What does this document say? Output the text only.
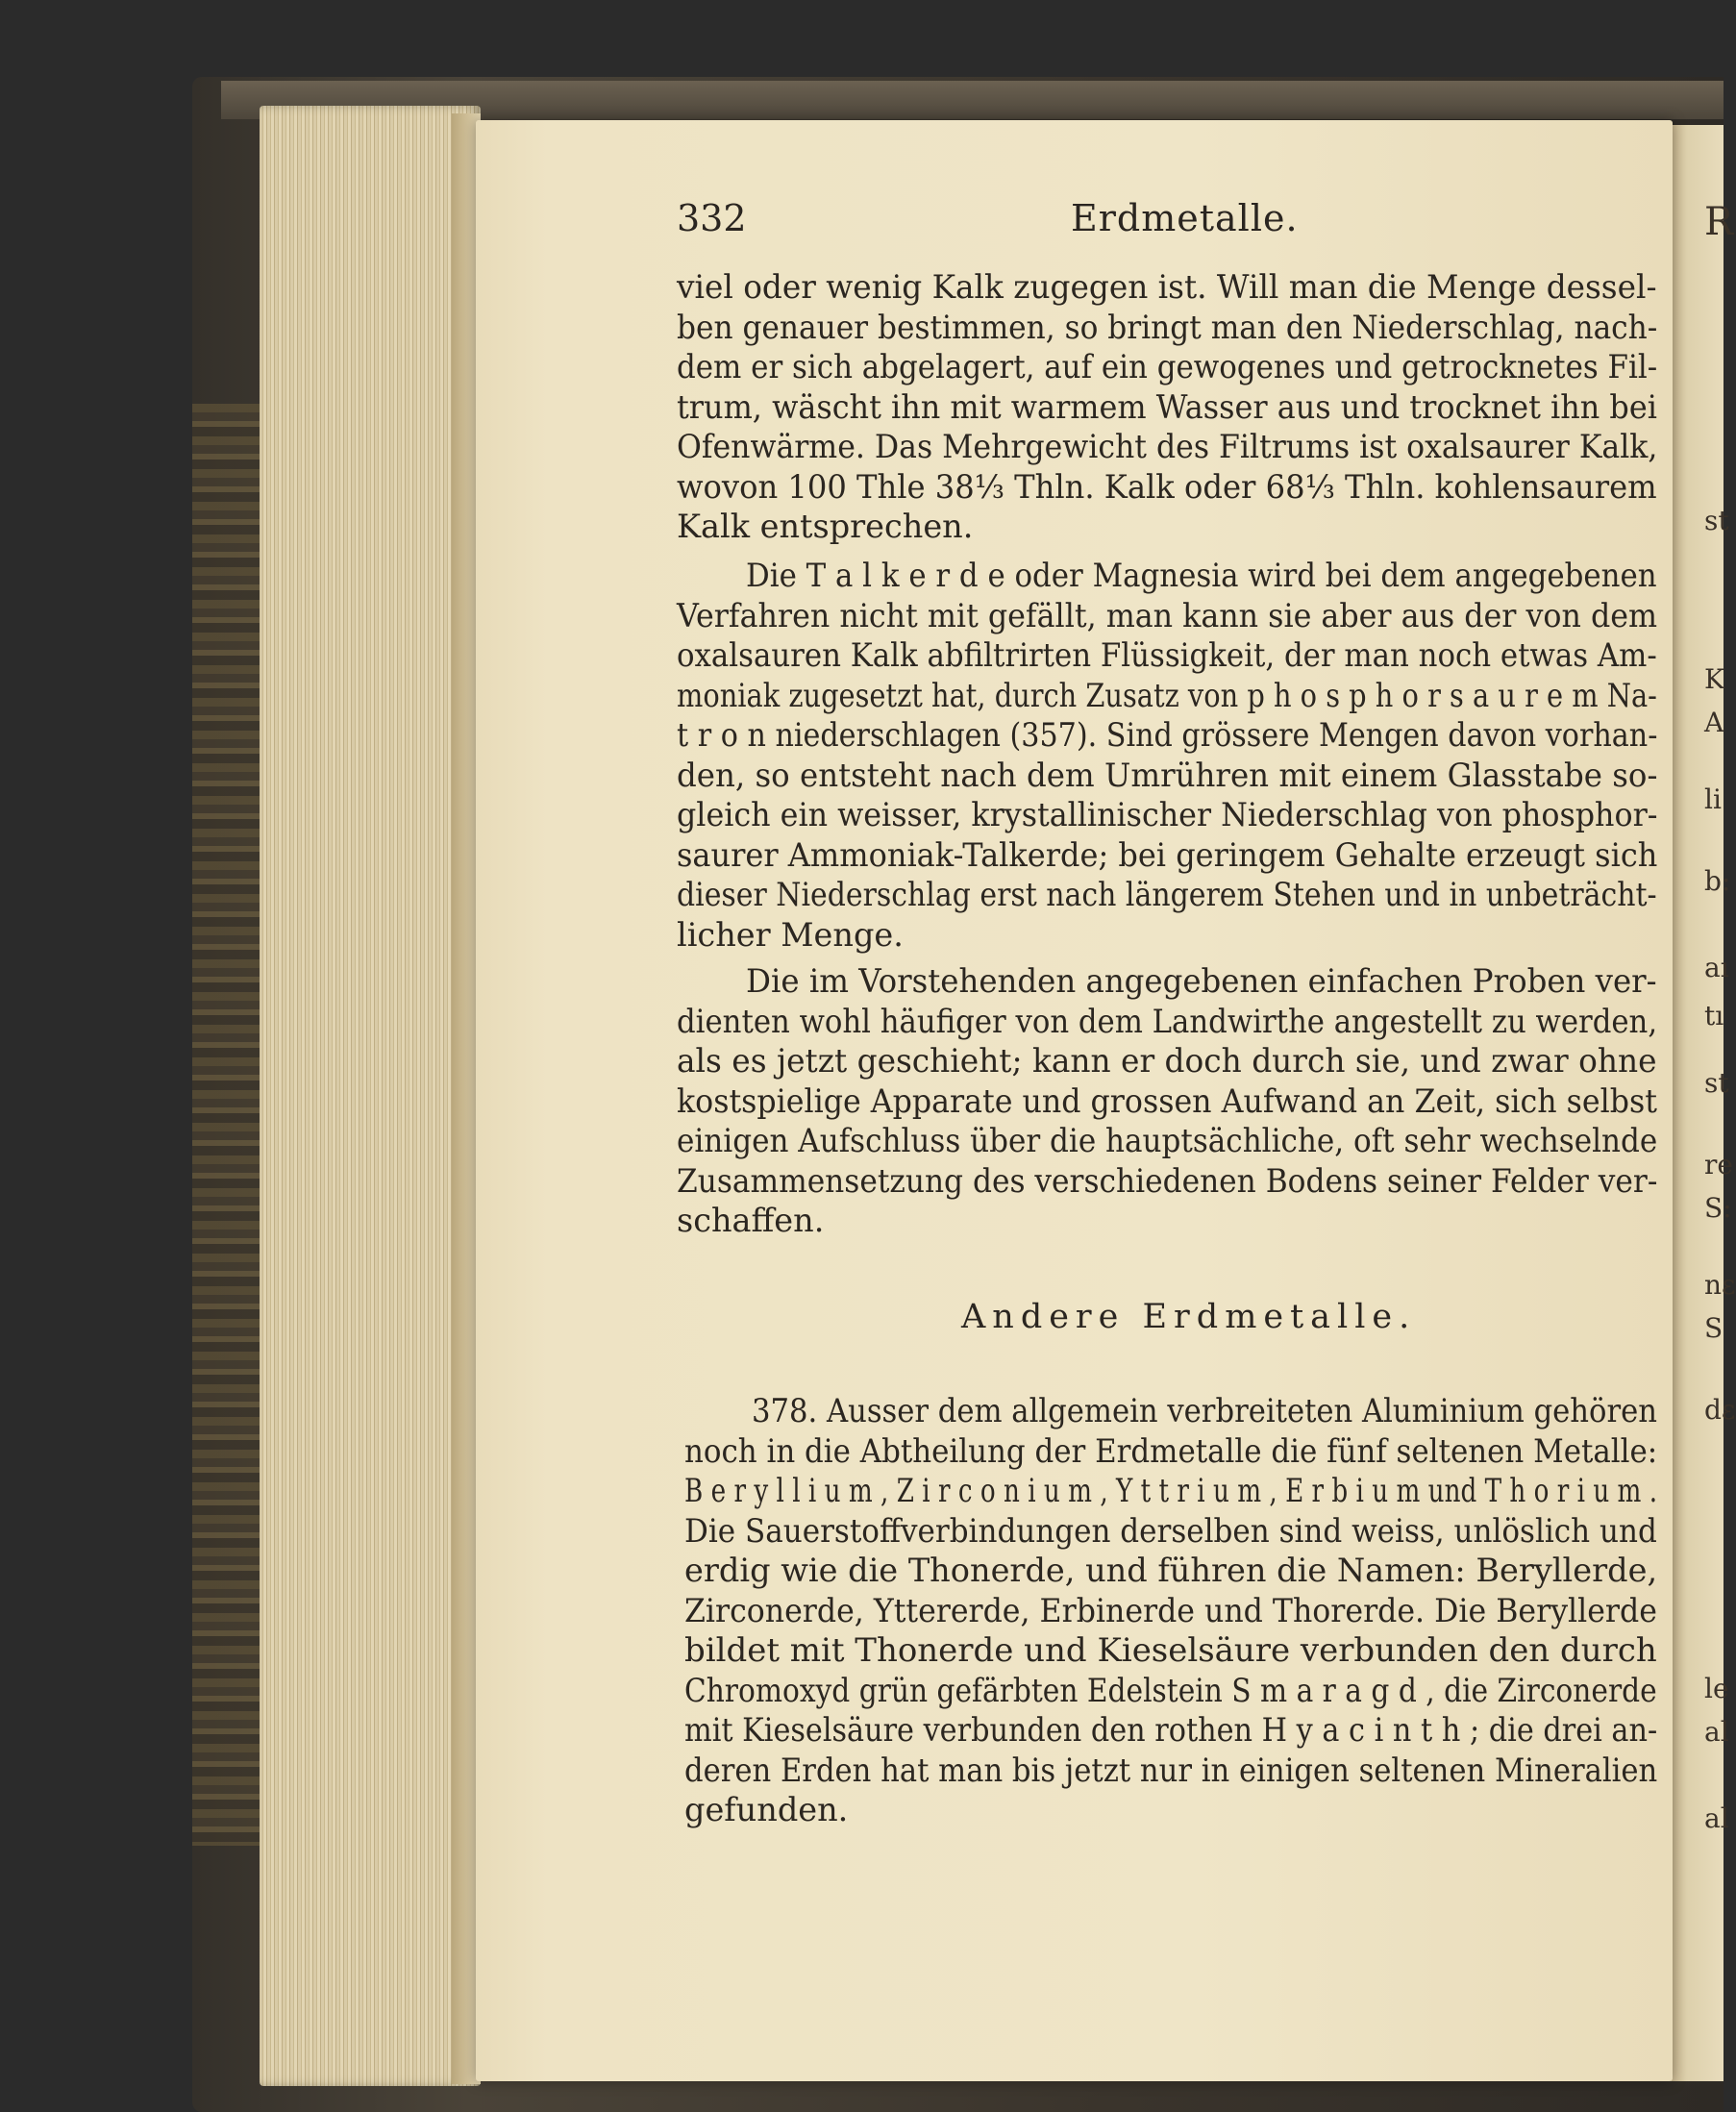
332	Erdmetalle.
viel oder wenig Kalk zugegen ist. Will man die Menge dessel-
ben genauer bestimmen, so bringt man den Niederschlag, nach-
dem er sich abgelagert, auf ein gewogenes und getrocknetes Fil-
trum, wäscht ihn mit warmem Wasser aus und trocknet ihn bei
Ofenwärme. Das Mehrgewicht des Filtrums ist oxalsaurer Kalk,
wovon 100 Thle 38⅓ Thln. Kalk oder 68⅓ Thln. kohlensaurem
Kalk entsprechen.
Die T a l k e r d e oder Magnesia wird bei dem angegebenen
Verfahren nicht mit gefällt, man kann sie aber aus der von dem
oxalsauren Kalk abfiltrirten Flüssigkeit, der man noch etwas Am-
moniak zugesetzt hat, durch Zusatz von p h o s p h o r s a u r e m Na-
t r o n niederschlagen (357). Sind grössere Mengen davon vorhan-
den, so entsteht nach dem Umrühren mit einem Glasstabe so-
gleich ein weisser, krystallinischer Niederschlag von phosphor-
saurer Ammoniak-Talkerde; bei geringem Gehalte erzeugt sich
dieser Niederschlag erst nach längerem Stehen und in unbeträcht-
licher Menge.
Die im Vorstehenden angegebenen einfachen Proben ver-
dienten wohl häufiger von dem Landwirthe angestellt zu werden,
als es jetzt geschieht; kann er doch durch sie, und zwar ohne
kostspielige Apparate und grossen Aufwand an Zeit, sich selbst
einigen Aufschluss über die hauptsächliche, oft sehr wechselnde
Zusammensetzung des verschiedenen Bodens seiner Felder ver-
schaffen.
378. Ausser dem allgemein verbreiteten Aluminium gehören
noch in die Abtheilung der Erdmetalle die fünf seltenen Metalle:
B e r y l l i u m , Z i r c o n i u m , Y t t r i u m , E r b i u m und T h o r i u m .
Die Sauerstoffverbindungen derselben sind weiss, unlöslich und
erdig wie die Thonerde, und führen die Namen: Beryllerde,
Zirconerde, Yttererde, Erbinerde und Thorerde. Die Beryllerde
bildet mit Thonerde und Kieselsäure verbunden den durch
Chromoxyd grün gefärbten Edelstein S m a r a g d , die Zirconerde
mit Kieselsäure verbunden den rothen H y a c i n t h ; die drei an-
deren Erden hat man bis jetzt nur in einigen seltenen Mineralien
gefunden.
Andere Erdmetalle.
R
st
K
A
li
b:
aı
tı
st
re
S:
nɛ
S
dε
le
al
al
